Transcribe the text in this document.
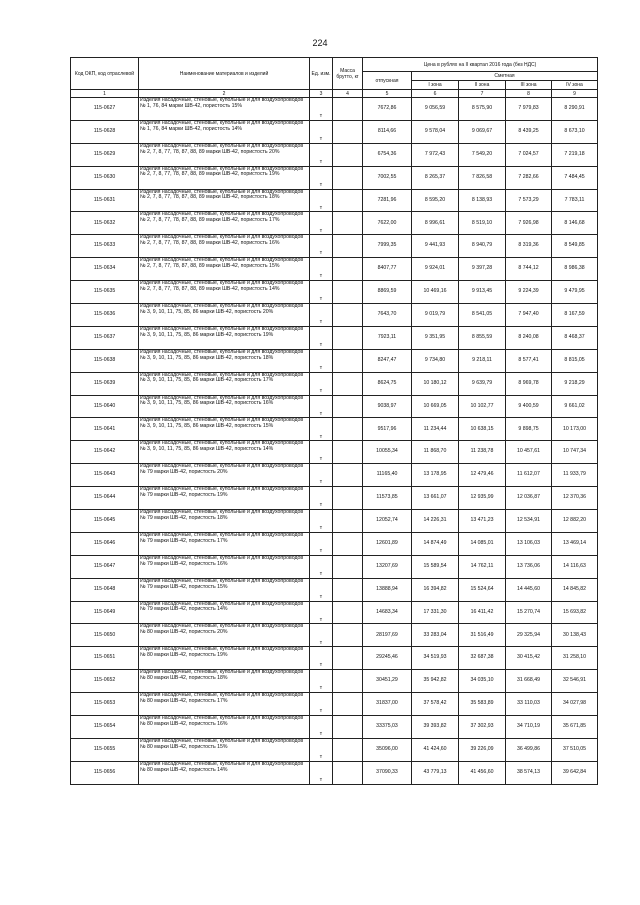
224
Код ОКП, код отраслевой	Наименование материалов и изделий	Ед. изм.	Масса брутто, кг	Цена в рублях на II квартал 2016 года (без НДС)				
				отпускная	Сметная			
					I зона	II зона	III зона	IV зона
1	2	3	4	5	6	7	8	9
115-0627	Изделия насадочные, стеновые, купольные и для воздухопроводов № 1, 76, 84 марки ШВ-42, пористость 15%	т		7672,86	9 056,59	8 575,90	7 979,83	8 290,91
115-0628	Изделия насадочные, стеновые, купольные и для воздухопроводов № 1, 76, 84 марки ШВ-42, пористость 14%	т		8114,66	9 578,04	9 069,67	8 439,25	8 673,10
115-0629	Изделия насадочные, стеновые, купольные и для воздухопроводов № 2, 7, 8, 77, 78, 87, 88, 89 марки ШВ-42, пористость 20%	т		6754,36	7 972,43	7 549,20	7 024,57	7 219,18
115-0630	Изделия насадочные, стеновые, купольные и для воздухопроводов № 2, 7, 8, 77, 78, 87, 88, 89 марки ШВ-42, пористость 19%	т		7002,55	8 265,37	7 826,58	7 282,66	7 484,45
115-0631	Изделия насадочные, стеновые, купольные и для воздухопроводов № 2, 7, 8, 77, 78, 87, 88, 89 марки ШВ-42, пористость 18%	т		7281,96	8 595,20	8 138,93	7 573,29	7 783,11
115-0632	Изделия насадочные, стеновые, купольные и для воздухопроводов № 2, 7, 8, 77, 78, 87, 88, 89 марки ШВ-42, пористость 17%	т		7622,00	8 996,61	8 519,10	7 926,98	8 146,68
115-0633	Изделия насадочные, стеновые, купольные и для воздухопроводов № 2, 7, 8, 77, 78, 87, 88, 89 марки ШВ-42, пористость 16%	т		7999,35	9 441,93	8 940,79	8 319,36	8 549,85
115-0634	Изделия насадочные, стеновые, купольные и для воздухопроводов № 2, 7, 8, 77, 78, 87, 88, 89 марки ШВ-42, пористость 15%	т		8407,77	9 924,01	9 397,28	8 744,12	8 986,38
115-0635	Изделия насадочные, стеновые, купольные и для воздухопроводов № 2, 7, 8, 77, 78, 87, 88, 89 марки ШВ-42, пористость 14%	т		8869,59	10 469,16	9 913,45	9 224,39	9 479,95
115-0636	Изделия насадочные, стеновые, купольные и для воздухопроводов № 3, 9, 10, 11, 75, 85, 86 марки ШВ-42, пористость 20%	т		7643,70	9 019,79	8 541,05	7 947,40	8 167,59
115-0637	Изделия насадочные, стеновые, купольные и для воздухопроводов № 3, 9, 10, 11, 75, 85, 86 марки ШВ-42, пористость 19%	т		7923,11	9 351,95	8 855,59	8 240,08	8 468,37
115-0638	Изделия насадочные, стеновые, купольные и для воздухопроводов № 3, 9, 10, 11, 75, 85, 86 марки ШВ-42, пористость 18%	т		8247,47	9 734,80	9 218,11	8 577,41	8 815,05
115-0639	Изделия насадочные, стеновые, купольные и для воздухопроводов № 3, 9, 10, 11, 75, 85, 86 марки ШВ-42, пористость 17%	т		8624,75	10 180,12	9 639,79	8 969,78	9 218,29
115-0640	Изделия насадочные, стеновые, купольные и для воздухопроводов № 3, 9, 10, 11, 75, 85, 86 марки ШВ-42, пористость 16%	т		9038,97	10 669,05	10 102,77	9 400,59	9 661,02
115-0641	Изделия насадочные, стеновые, купольные и для воздухопроводов № 3, 9, 10, 11, 75, 85, 86 марки ШВ-42, пористость 15%	т		9517,96	11 234,44	10 638,15	9 898,75	10 173,00
115-0642	Изделия насадочные, стеновые, купольные и для воздухопроводов № 3, 9, 10, 11, 75, 85, 86 марки ШВ-42, пористость 14%	т		10055,34	11 868,70	11 238,78	10 457,61	10 747,34
115-0643	Изделия насадочные, стеновые, купольные и для воздухопроводов № 79 марки ШВ-42, пористость 20%	т		11165,40	13 178,95	12 479,46	11 612,07	11 933,79
115-0644	Изделия насадочные, стеновые, купольные и для воздухопроводов № 79 марки ШВ-42, пористость 19%	т		11573,85	13 661,07	12 935,99	12 036,87	12 370,36
115-0645	Изделия насадочные, стеновые, купольные и для воздухопроводов № 79 марки ШВ-42, пористость 18%	т		12052,74	14 226,31	13 471,23	12 534,91	12 882,20
115-0646	Изделия насадочные, стеновые, купольные и для воздухопроводов № 79 марки ШВ-42, пористость 17%	т		12601,89	14 874,49	14 085,01	13 106,03	13 469,14
115-0647	Изделия насадочные, стеновые, купольные и для воздухопроводов № 79 марки ШВ-42, пористость 16%	т		13207,69	15 589,54	14 762,11	13 736,06	14 116,63
115-0648	Изделия насадочные, стеновые, купольные и для воздухопроводов № 79 марки ШВ-42, пористость 15%	т		13888,94	16 394,82	15 524,64	14 445,60	14 845,82
115-0649	Изделия насадочные, стеновые, купольные и для воздухопроводов № 79 марки ШВ-42, пористость 14%	т		14683,34	17 331,30	16 411,42	15 270,74	15 693,82
115-0650	Изделия насадочные, стеновые, купольные и для воздухопроводов № 80 марки ШВ-42, пористость 20%	т		28197,69	33 283,04	31 516,49	29 325,94	30 138,43
115-0651	Изделия насадочные, стеновые, купольные и для воздухопроводов № 80 марки ШВ-42, пористость 19%	т		29245,46	34 519,93	32 687,38	30 415,42	31 258,10
115-0652	Изделия насадочные, стеновые, купольные и для воздухопроводов № 80 марки ШВ-42, пористость 18%	т		30451,29	35 942,82	34 035,10	31 668,49	32 546,91
115-0653	Изделия насадочные, стеновые, купольные и для воздухопроводов № 80 марки ШВ-42, пористость 17%	т		31837,00	37 578,42	35 583,89	33 110,03	34 027,98
115-0654	Изделия насадочные, стеновые, купольные и для воздухопроводов № 80 марки ШВ-42, пористость 16%	т		33375,03	39 393,82	37 302,93	34 710,19	35 671,85
115-0655	Изделия насадочные, стеновые, купольные и для воздухопроводов № 80 марки ШВ-42, пористость 15%	т		35096,00	41 424,60	39 226,09	36 499,86	37 510,05
115-0656	Изделия насадочные, стеновые, купольные и для воздухопроводов № 80 марки ШВ-42, пористость 14%	т		37090,33	43 779,13	41 456,60	38 574,13	39 642,84
